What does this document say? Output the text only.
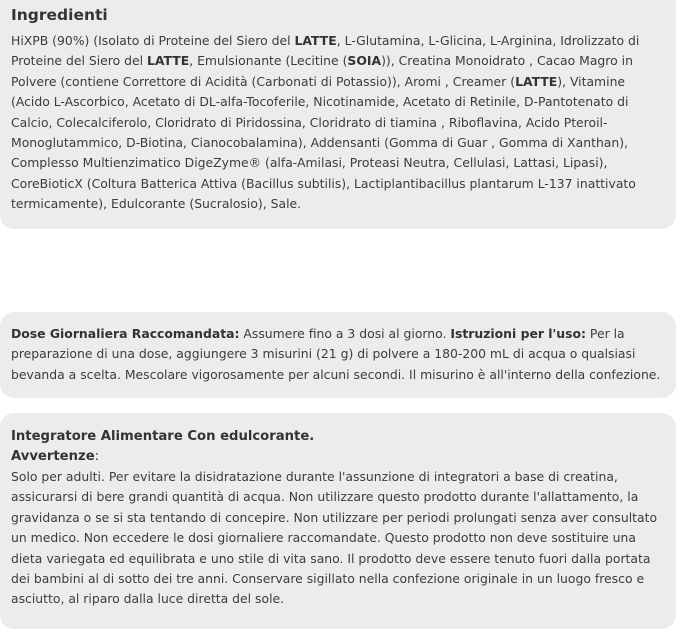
Ingredienti

HiXPB (90%) (Isolato di Proteine del Siero del LATTE, L-Glutamina, L-Glicina, L-Arginina, Idrolizzato di Proteine del Siero del LATTE, Emulsionante (Lecitine (SOIA)), Creatina Monoidrato , Cacao Magro in Polvere (contiene Correttore di Acidità (Carbonati di Potassio)), Aromi , Creamer (LATTE), Vitamine (Acido L-Ascorbico, Acetato di DL-alfa-Tocoferile, Nicotinamide, Acetato di Retinile, D-Pantotenato di Calcio, Colecalciferolo, Cloridrato di Piridossina, Cloridrato di tiamina , Riboflavina, Acido Pteroil-Monoglutammico, D-Biotina, Cianocobalamina), Addensanti (Gomma di Guar , Gomma di Xanthan), Complesso Multienzimatico DigeZyme® (alfa-Amilasi, Proteasi Neutra, Cellulasi, Lattasi, Lipasi), CoreBioticX (Coltura Batterica Attiva (Bacillus subtilis), Lactiplantibacillus plantarum L-137 inattivato termicamente), Edulcorante (Sucralosio), Sale.

Dose Giornaliera Raccomandata: Assumere fino a 3 dosi al giorno. Istruzioni per l'uso: Per la preparazione di una dose, aggiungere 3 misurini (21 g) di polvere a 180-200 mL di acqua o qualsiasi bevanda a scelta. Mescolare vigorosamente per alcuni secondi. Il misurino è all'interno della confezione.

Integratore Alimentare Con edulcorante.

Avvertenze:

Solo per adulti. Per evitare la disidratazione durante l'assunzione di integratori a base di creatina, assicurarsi di bere grandi quantità di acqua. Non utilizzare questo prodotto durante l'allattamento, la gravidanza o se si sta tentando di concepire. Non utilizzare per periodi prolungati senza aver consultato un medico. Non eccedere le dosi giornaliere raccomandate. Questo prodotto non deve sostituire una dieta variegata ed equilibrata e uno stile di vita sano. Il prodotto deve essere tenuto fuori dalla portata dei bambini al di sotto dei tre anni. Conservare sigillato nella confezione originale in un luogo fresco e asciutto, al riparo dalla luce diretta del sole.
